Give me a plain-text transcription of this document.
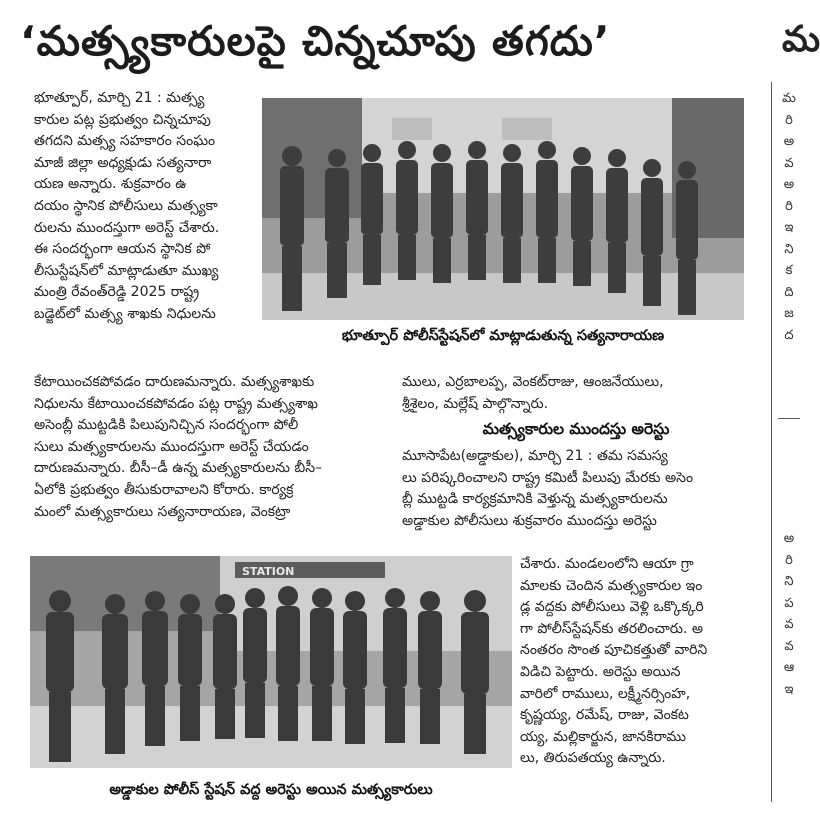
‘మత్స్యకారులపై చిన్నచూపు తగదు’	మ

భూత్పూర్, మార్చి 21 : మత్స్య

కారుల పట్ల ప్రభుత్వం చిన్నచూపు

తగదని మత్స్య సహకారం సంఘం

మాజీ జిల్లా అధ్యక్షుడు సత్యనారా

యణ అన్నారు. శుక్రవారం ఉ

దయం స్థానిక పోలీసులు మత్స్యకా

రులను ముందస్తుగా అరెస్ట్ చేశారు.

ఈ సందర్భంగా ఆయన స్థానిక పో

లీసుస్టేషన్‌లో మాట్లాడుతూ ముఖ్య

మంత్రి రేవంత్‌రెడ్డి 2025 రాష్ట్ర

బడ్జెట్‌లో మత్స్య శాఖకు నిధులను

భూత్పూర్ పోలీస్‌స్టేషన్‌లో మాట్లాడుతున్న సత్యనారాయణ

కేటాయించకపోవడం దారుణమన్నారు. మత్స్యశాఖకు

నిధులను కేటాయించకపోవడం పట్ల రాష్ట్ర మత్స్యశాఖ

అసెంబ్లీ ముట్టడికి పిలుపునిచ్చిన సందర్భంగా పోలీ

సులు మత్స్యకారులను ముందస్తుగా అరెస్ట్ చేయడం

దారుణమన్నారు. బీసీ–డీ ఉన్న మత్స్యకారులను బీసీ–

ఏలోకి ప్రభుత్వం తీసుకురావాలని కోరారు. కార్యక్ర

మంలో మత్స్యకారులు సత్యనారాయణ, వెంకట్రా

ములు, ఎర్రబాలప్ప, వెంకట్‌రాజు, ఆంజనేయులు,

శ్రీశైలం, మల్లేష్ పాల్గొన్నారు.

మత్స్యకారుల ముందస్తు అరెస్టు

మూసాపేట(అడ్డాకుల), మార్చి 21 : తమ సమస్య

లు పరిష్కరించాలని రాష్ట్ర కమిటీ పిలుపు మేరకు అసెం

బ్లీ ముట్టడి కార్యక్రమానికి వెళ్తున్న మత్స్యకారులను

అడ్డాకుల పోలీసులు శుక్రవారం ముందస్తు అరెస్టు

STATION
అడ్డాకుల పోలీస్ స్టేషన్ వద్ద అరెస్టు అయిన మత్స్యకారులు

చేశారు. మండలంలోని ఆయా గ్రా

మాలకు చెందిన మత్స్యకారుల ఇం

డ్ల వద్దకు పోలీసులు వెళ్లి ఒక్కొక్కరి

గా పోలీస్‌స్టేషన్‌కు తరలించారు. అ

నంతరం సొంత పూచికత్తుతో వారిని

విడిచి పెట్టారు. అరెస్టు అయిన

వారిలో రాములు, లక్ష్మీనర్సింహ,

కృష్ణయ్య, రమేష్, రాజు, వెంకట

య్య, మల్లికార్జున, జానకిరాము

లు, తిరుపతయ్య ఉన్నారు.

మ
రి
అ
వ
అ
రి
ఇ
ని
క
ది
జ
ద
అ
రి
ని
ప
వ
వ
ఆ
ఇ
